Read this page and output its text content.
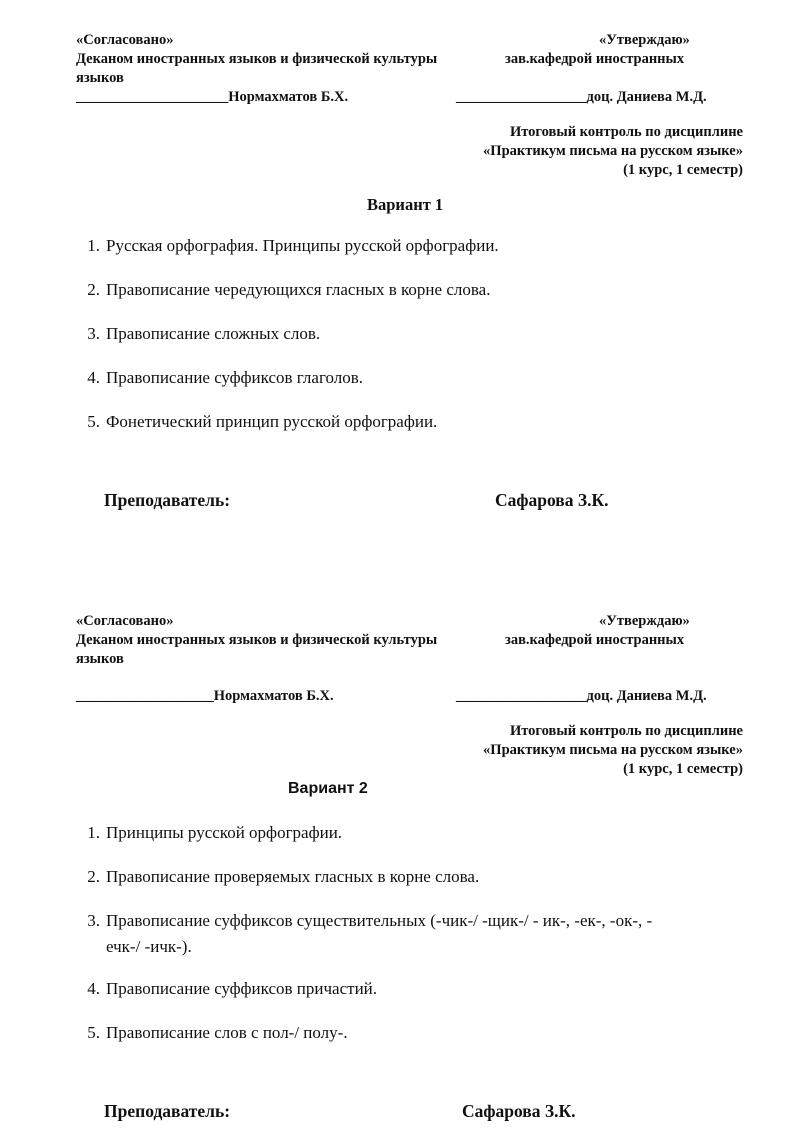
«Согласовано»	«Утверждаю»
Деканом иностранных языков и физической культуры	зав.кафедрой иностранных
языков
_____________________Нормахматов Б.Х.	__________________доц. Даниева М.Д.
Итоговый контроль по дисциплине
«Практикум письма на русском языке»
(1 курс, 1 семестр)
Вариант 1
1. Русская орфография. Принципы русской орфографии.
2. Правописание чередующихся гласных в корне слова.
3. Правописание сложных слов.
4. Правописание суффиксов глаголов.
5. Фонетический принцип русской орфографии.
Преподаватель:	Сафарова З.К.
«Согласовано»	«Утверждаю»
Деканом иностранных языков и физической культуры	зав.кафедрой иностранных
языков
___________________Нормахматов Б.Х.	__________________доц. Даниева М.Д.
Итоговый контроль по дисциплине
«Практикум письма на русском языке»
(1 курс, 1 семестр)
Вариант 2
1. Принципы русской орфографии.
2. Правописание проверяемых гласных в корне слова.
3. Правописание суффиксов существительных (-чик-/ -щик-/ - ик-, -ек-, -ок-, -
ечк-/ -ичк-).
4. Правописание суффиксов причастий.
5. Правописание слов с пол-/ полу-.
Преподаватель:	Сафарова З.К.
